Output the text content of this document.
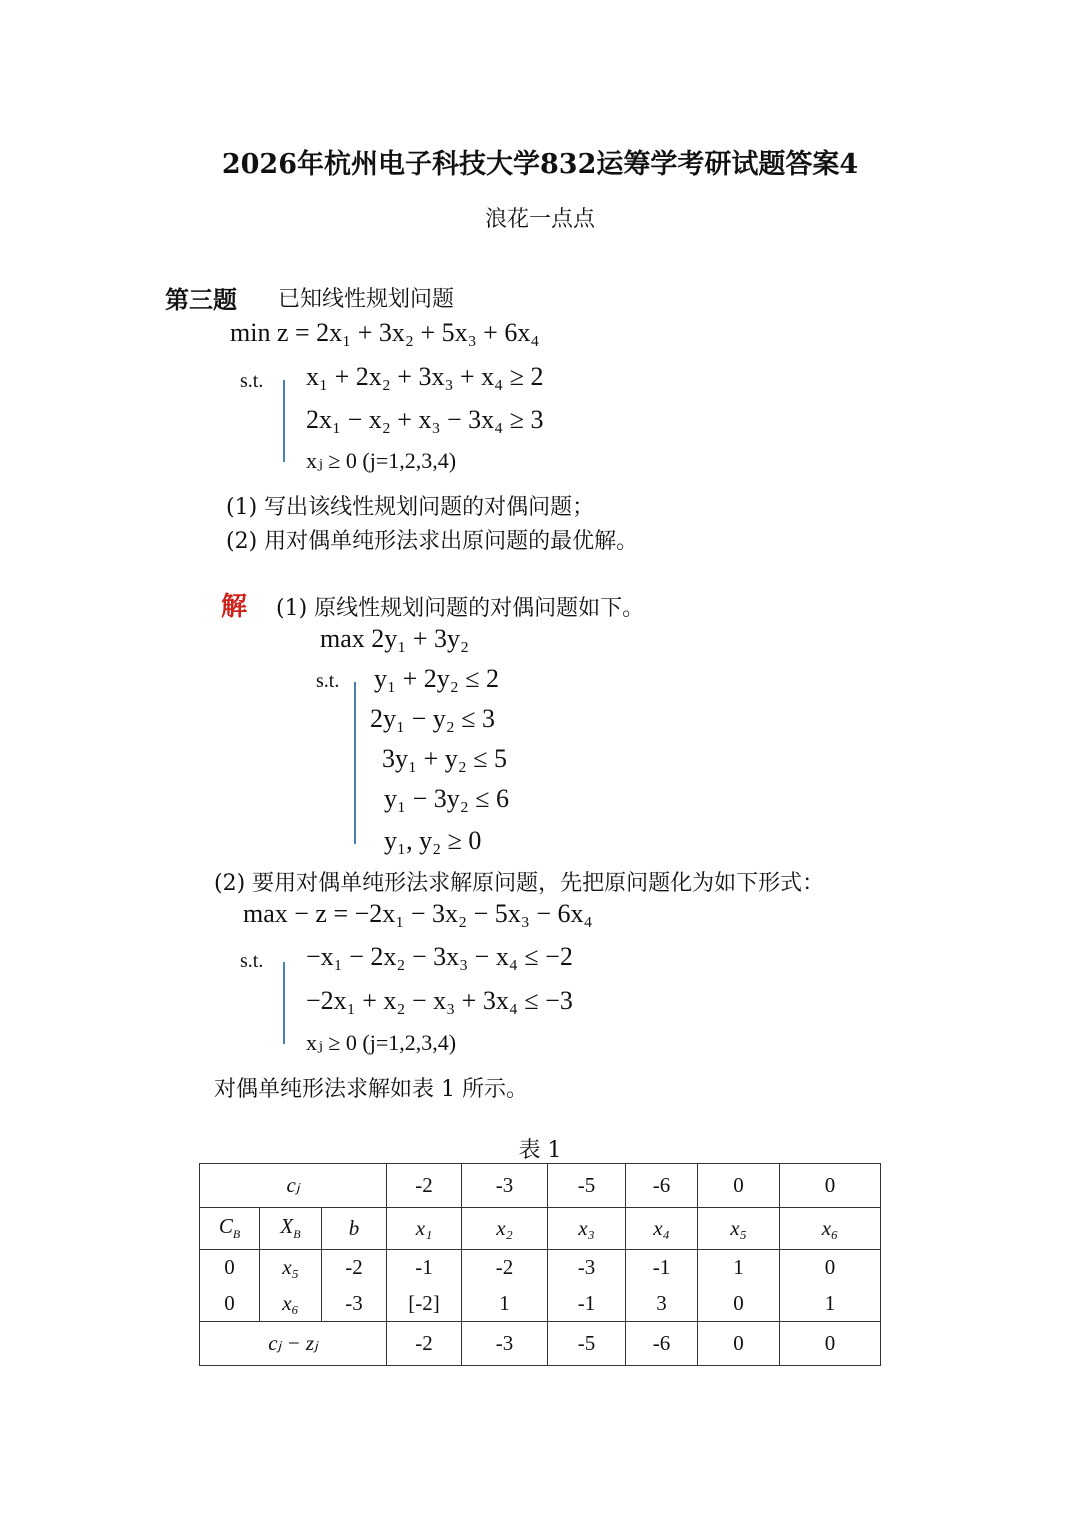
2026年杭州电子科技大学832运筹学考研试题答案4
浪花一点点
第三题 已知线性规划问题
min z = 2x₁ + 3x₂ + 5x₃ + 6x₄
s.t. x₁ + 2x₂ + 3x₃ + x₄ ≥ 2
2x₁ − x₂ + x₃ − 3x₄ ≥ 3
xⱼ ≥ 0 (j=1,2,3,4)
(1) 写出该线性规划问题的对偶问题；
(2) 用对偶单纯形法求出原问题的最优解。
解 (1) 原线性规划问题的对偶问题如下。
max 2y₁ + 3y₂
s.t. y₁ + 2y₂ ≤ 2
2y₁ − y₂ ≤ 3
3y₁ + y₂ ≤ 5
y₁ − 3y₂ ≤ 6
y₁, y₂ ≥ 0
(2) 要用对偶单纯形法求解原问题，先把原问题化为如下形式：
max − z = −2x₁ − 3x₂ − 5x₃ − 6x₄
s.t. −x₁ − 2x₂ − 3x₃ − x₄ ≤ −2
−2x₁ + x₂ − x₃ + 3x₄ ≤ −3
xⱼ ≥ 0 (j=1,2,3,4)
对偶单纯形法求解如表 1 所示。
表 1
cⱼ			-2	-3	-5	-6	0	0
$C_B$	$X_B$	b	x₁	x₂	x₃	x₄	x₅	x₆
0	x₅	-2	-1	-2	-3	-1	1	0
0	x₆	-3	[-2]	1	-1	3	0	1
cⱼ − zⱼ			-2	-3	-5	-6	0	0
